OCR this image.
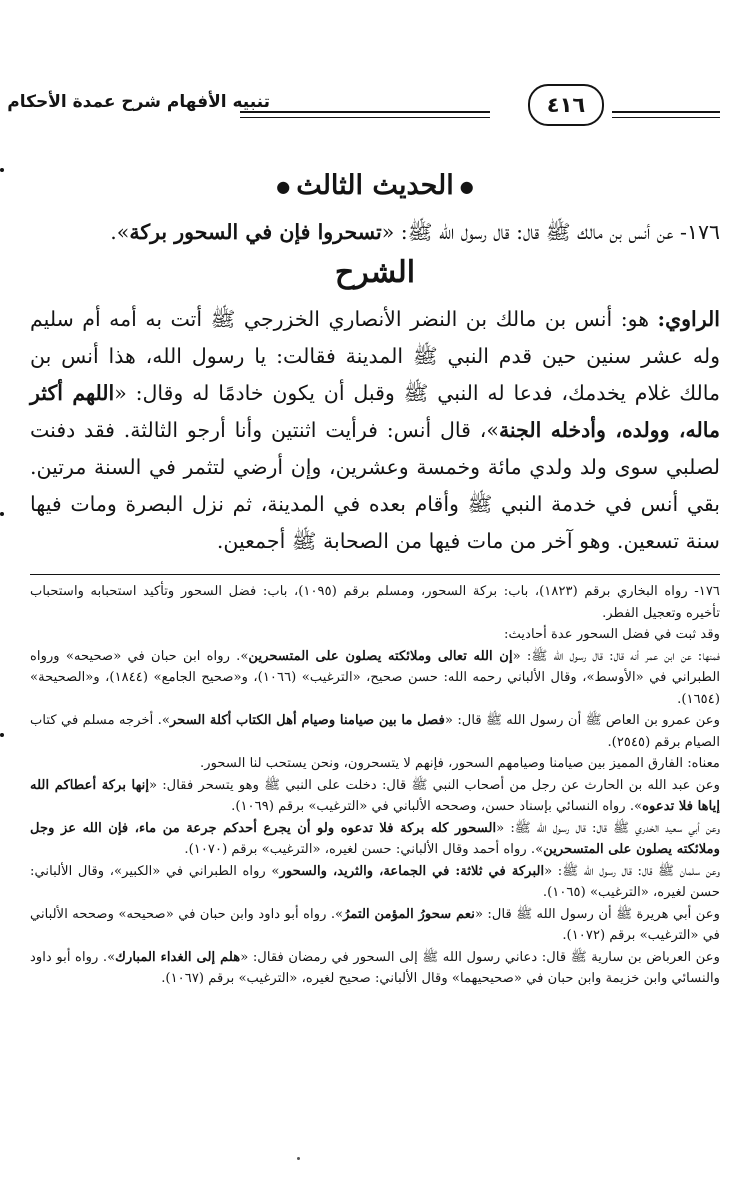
٤١٦
تنبيه الأفهام شرح عمدة الأحكام
●الحديث الثالث●

١٧٦- عن أنس بن مالك ﷺ قال: قال رسول الله ﷺ: «تسحروا فإن في السحور بركة».

الشرح

الراوي: هو: أنس بن مالك بن النضر الأنصاري الخزرجي ﷺ أتت به أمه أم سليم وله عشر سنين حين قدم النبي ﷺ المدينة فقالت: يا رسول الله، هذا أنس بن مالك غلام يخدمك، فدعا له النبي ﷺ وقبل أن يكون خادمًا له وقال: «اللهم أكثر ماله، وولده، وأدخله الجنة»، قال أنس: فرأيت اثنتين وأنا أرجو الثالثة. فقد دفنت لصلبي سوى ولد ولدي مائة وخمسة وعشرين، وإن أرضي لتثمر في السنة مرتين. بقي أنس في خدمة النبي ﷺ وأقام بعده في المدينة، ثم نزل البصرة ومات فيها سنة تسعين. وهو آخر من مات فيها من الصحابة ﷺ أجمعين.

١٧٦- رواه البخاري برقم (١٨٢٣)، باب: بركة السحور، ومسلم برقم (١٠٩٥)، باب: فضل السحور وتأكيد استحبابه واستحباب تأخيره وتعجيل الفطر.

وقد ثبت في فضل السحور عدة أحاديث:

فمنها: عن ابن عمر أنه قال: قال رسول الله ﷺ: «إن الله تعالى وملائكته يصلون على المتسحرين». رواه ابن حبان في «صحيحه» ورواه الطبراني في «الأوسط»، وقال الألباني رحمه الله: حسن صحيح، «الترغيب» (١٠٦٦)، و«صحيح الجامع» (١٨٤٤)، و«الصحيحة» (١٦٥٤).

وعن عمرو بن العاص ﷺ أن رسول الله ﷺ قال: «فصل ما بين صيامنا وصيام أهل الكتاب أكلة السحر». أخرجه مسلم في كتاب الصيام برقم (٢٥٤٥).

معناه: الفارق المميز بين صيامنا وصيامهم السحور، فإنهم لا يتسحرون، ونحن يستحب لنا السحور.

وعن عبد الله بن الحارث عن رجل من أصحاب النبي ﷺ قال: دخلت على النبي ﷺ وهو يتسحر فقال: «إنها بركة أعطاكم الله إياها فلا تدعوه». رواه النسائي بإسناد حسن، وصححه الألباني في «الترغيب» برقم (١٠٦٩).

وعن أبي سعيد الخدري ﷺ قال: قال رسول الله ﷺ: «السحور كله بركة فلا تدعوه ولو أن يجرع أحدكم جرعة من ماء، فإن الله عز وجل وملائكته يصلون على المتسحرين». رواه أحمد وقال الألباني: حسن لغيره، «الترغيب» برقم (١٠٧٠).

وعن سلمان ﷺ قال: قال رسول الله ﷺ: «البركة في ثلاثة: في الجماعة، والثريد، والسحور» رواه الطبراني في «الكبير»، وقال الألباني: حسن لغيره، «الترغيب» (١٠٦٥).

وعن أبي هريرة ﷺ أن رسول الله ﷺ قال: «نعم سحورُ المؤمن التمرُ». رواه أبو داود وابن حبان في «صحيحه» وصححه الألباني في «الترغيب» برقم (١٠٧٢).

وعن العرباض بن سارية ﷺ قال: دعاني رسول الله ﷺ إلى السحور في رمضان فقال: «هلم إلى الغداء المبارك». رواه أبو داود والنسائي وابن خزيمة وابن حبان في «صحيحيهما» وقال الألباني: صحيح لغيره، «الترغيب» برقم (١٠٦٧).
